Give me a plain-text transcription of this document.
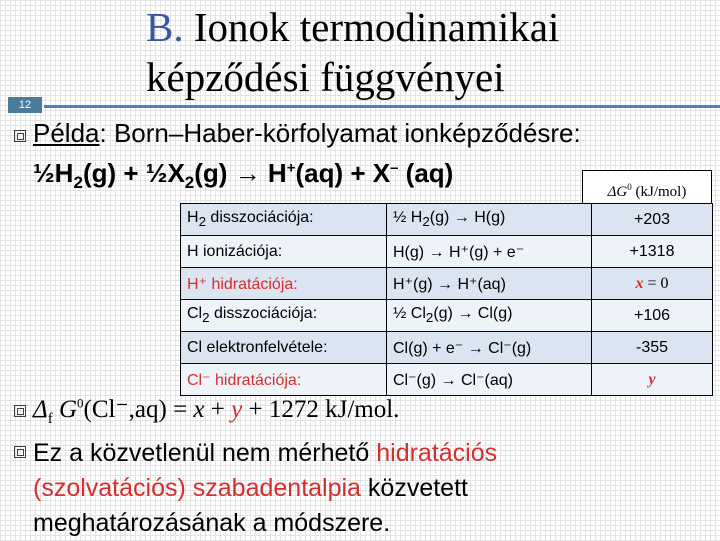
B. Ionok termodinamikai
képződési függvényei
12
Példa: Born–Haber-körfolyamat ionképződésre:
$\frac{1}{2}H_2(g)$ + $\frac{1}{2}X_2(g) \to H^+(aq) + X^-$ (aq)
$\Delta G^0$ (kJ/mol)
$H_2$ disszociációja:	½ $H_2(g) \to H(g)$	+203
H ionizációja:	H(g) → H⁺(g) + e⁻	+1318
H⁺ hidratációja:	H⁺(g) → H⁺(aq)	x = 0
$Cl_2$ disszociációja:	½ $Cl_2(g) \to Cl(g)$	+106
Cl elektronfelvétele:	Cl(g) + e⁻ → Cl⁻(g)	-355
Cl⁻ hidratációja:	Cl⁻(g) → Cl⁻(aq)	y
$\Delta_f$ $G^0(Cl^-,aq) = x + y + 1272$ kJ/mol.
Ez a közvetlenül nem mérhető hidratációs (szolvatációs) szabadentalpia közvetett meghatározásának a módszere.
